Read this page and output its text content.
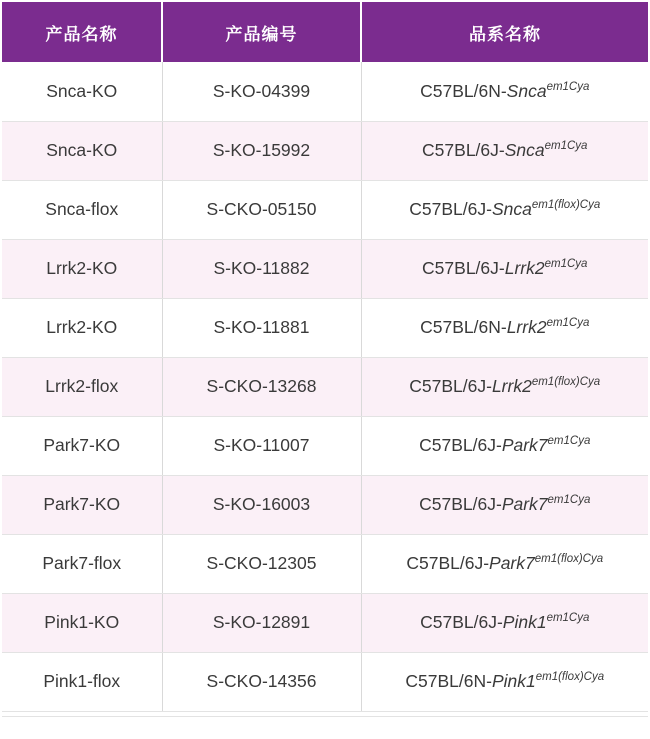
产品名称	产品编号	品系名称
Snca-KO	S-KO-04399	C57BL/6N-Snca$^{em1Cya}$
Snca-KO	S-KO-15992	C57BL/6J-Snca$^{em1Cya}$
Snca-flox	S-CKO-05150	C57BL/6J-Snca$^{em1(flox)Cya}$
Lrrk2-KO	S-KO-11882	$C57BL/6J-Lrrk2^{em1Cya}$
Lrrk2-KO	S-KO-11881	$C57BL/6N-Lrrk2^{em1Cya}$
Lrrk2-flox	S-CKO-13268	$C57BL/6J-Lrrk2^{em1(flox)Cya}$
Park7-KO	S-KO-11007	$C57BL/6J-Park7^{em1Cya}$
Park7-KO	S-KO-16003	$C57BL/6J-Park7^{em1Cya}$
Park7-flox	S-CKO-12305	$C57BL/6J-Park7^{em1(flox)Cya}$
Pink1-KO	S-KO-12891	$C57BL/6J-Pink1^{em1Cya}$
Pink1-flox	S-CKO-14356	$C57BL/6N-Pink1^{em1(flox)Cya}$
